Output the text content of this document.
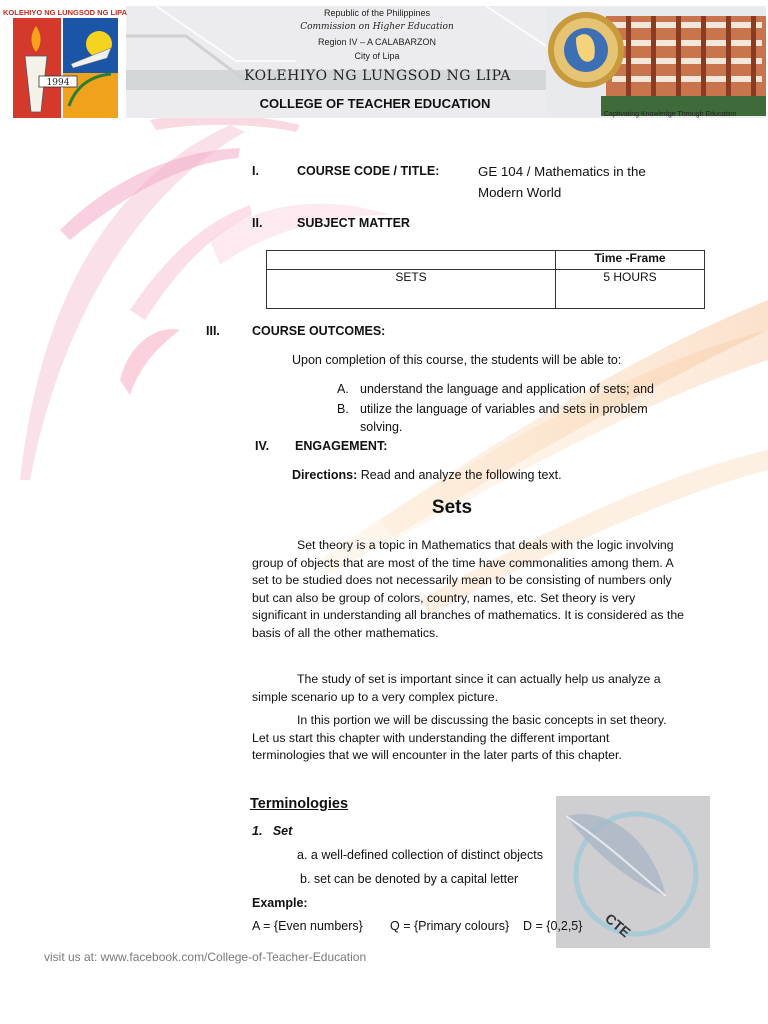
1994
KOLEHIYO NG LUNGSOD NG LIPA	Republic of the Philippines
Commission on Higher Education
Region IV – A CALABARZON
City of Lipa
KOLEHIYO NG LUNGSOD NG LIPA
COLLEGE OF TEACHER EDUCATION
Captivating Knowledge Through Education
I.	COURSE CODE / TITLE:	GE 104 / Mathematics in the
Modern World
II.	SUBJECT MATTER
	Time -Frame
SETS	5 HOURS
III.	COURSE OUTCOMES:
Upon completion of this course, the students will be able to:
A. understand the language and application of sets; and
B. utilize the language of variables and sets in problem
solving.
IV. ENGAGEMENT:
Directions: Read and analyze the following text.
Sets
Set theory is a topic in Mathematics that deals with the logic involving
group of objects that are most of the time have commonalities among them. A
set to be studied does not necessarily mean to be consisting of numbers only
but can also be group of colors, country, names, etc. Set theory is very
significant in understanding all branches of mathematics. It is considered as the
basis of all the other mathematics.
The study of set is important since it can actually help us analyze a
simple scenario up to a very complex picture.
In this portion we will be discussing the basic concepts in set theory.
Let us start this chapter with understanding the different important
terminologies that we will encounter in the later parts of this chapter.
CTE
Terminologies
1.   Set
a. a well-defined collection of distinct objects
b. set can be denoted by a capital letter
Example:
A = {Even numbers} Q = {Primary colours} D = {0,2,5}
visit us at: www.facebook.com/College-of-Teacher-Education
